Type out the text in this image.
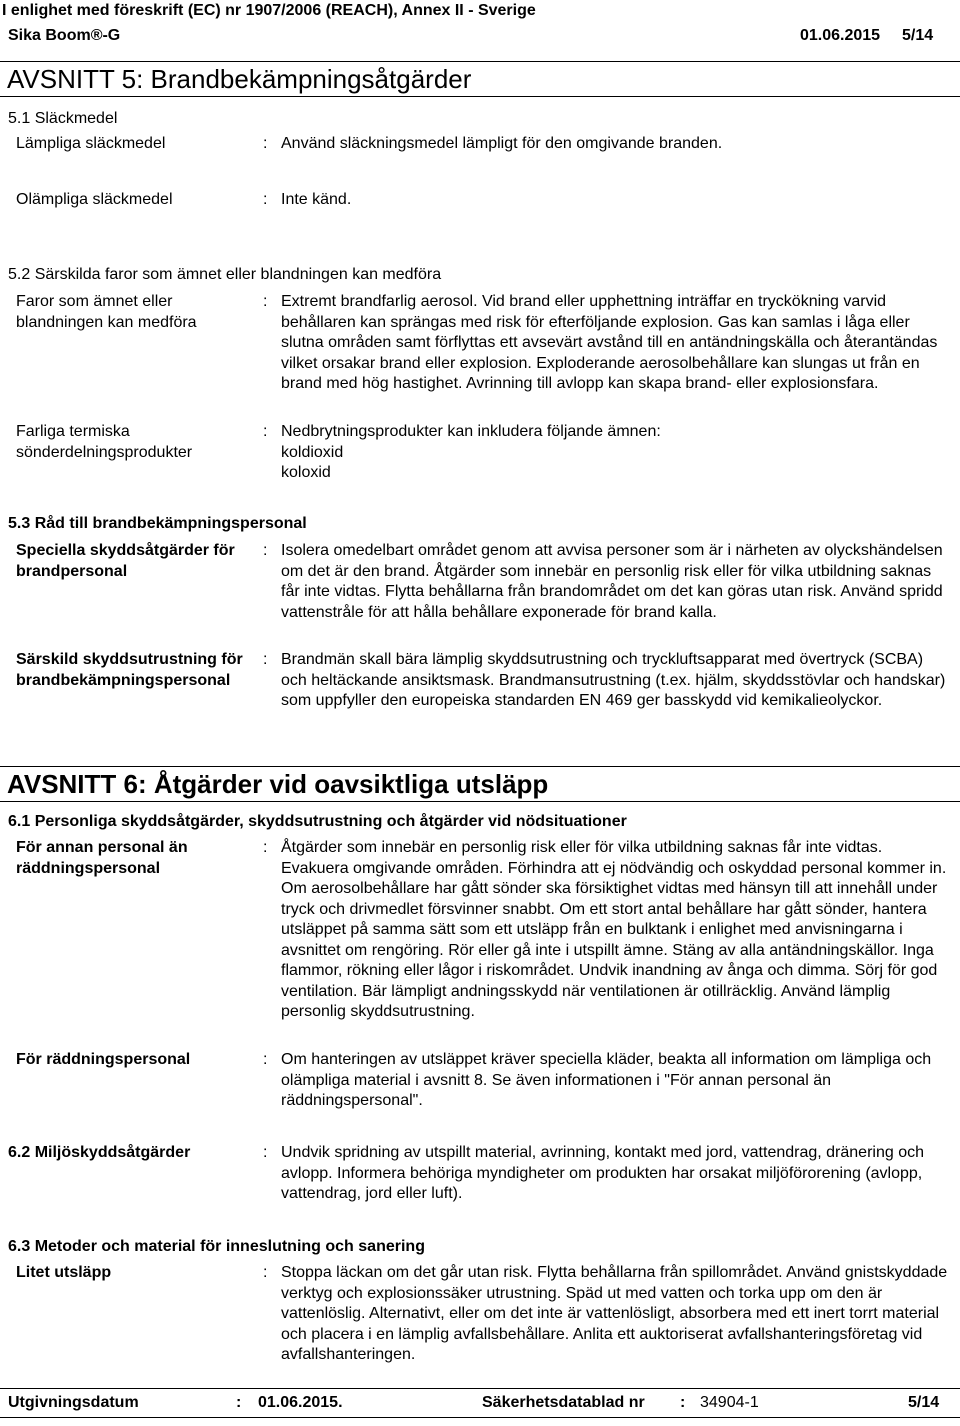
I enlighet med föreskrift (EC) nr 1907/2006 (REACH), Annex II - Sverige
Sika Boom®-G	01.06.2015 5/14
AVSNITT 5: Brandbekämpningsåtgärder
5.1 Släckmedel
Lämpliga släckmedel	: Använd släckningsmedel lämpligt för den omgivande branden.
Olämpliga släckmedel	: Inte känd.
5.2 Särskilda faror som ämnet eller blandningen kan medföra
Faror som ämnet eller blandningen kan medföra
: Extremt brandfarlig aerosol. Vid brand eller upphettning inträffar en tryckökning varvid behållaren kan sprängas med risk för efterföljande explosion. Gas kan samlas i låga eller slutna områden samt förflyttas ett avsevärt avstånd till en antändningskälla och återantändas vilket orsakar brand eller explosion. Exploderande aerosolbehållare kan slungas ut från en brand med hög hastighet. Avrinning till avlopp kan skapa brand- eller explosionsfara.
Farliga termiska sönderdelningsprodukter
: Nedbrytningsprodukter kan inkludera följande ämnen:
koldioxid
koloxid
5.3 Råd till brandbekämpningspersonal
Speciella skyddsåtgärder för brandpersonal
: Isolera omedelbart området genom att avvisa personer som är i närheten av olyckshändelsen om det är den brand. Åtgärder som innebär en personlig risk eller för vilka utbildning saknas får inte vidtas. Flytta behållarna från brandområdet om det kan göras utan risk. Använd spridd vattenstråle för att hålla behållare exponerade för brand kalla.
Särskild skyddsutrustning för brandbekämpningspersonal
: Brandmän skall bära lämplig skyddsutrustning och tryckluftsapparat med övertryck (SCBA) och heltäckande ansiktsmask. Brandmansutrustning (t.ex. hjälm, skyddsstövlar och handskar) som uppfyller den europeiska standarden EN 469 ger basskydd vid kemikalieolyckor.
AVSNITT 6: Åtgärder vid oavsiktliga utsläpp
6.1 Personliga skyddsåtgärder, skyddsutrustning och åtgärder vid nödsituationer
För annan personal än räddningspersonal
: Åtgärder som innebär en personlig risk eller för vilka utbildning saknas får inte vidtas. Evakuera omgivande områden. Förhindra att ej nödvändig och oskyddad personal kommer in. Om aerosolbehållare har gått sönder ska försiktighet vidtas med hänsyn till att innehåll under tryck och drivmedlet försvinner snabbt. Om ett stort antal behållare har gått sönder, hantera utsläppet på samma sätt som ett utsläpp från en bulktank i enlighet med anvisningarna i avsnittet om rengöring. Rör eller gå inte i utspillt ämne. Stäng av alla antändningskällor. Inga flammor, rökning eller lågor i riskområdet. Undvik inandning av ånga och dimma. Sörj för god ventilation. Bär lämpligt andningsskydd när ventilationen är otillräcklig. Använd lämplig personlig skyddsutrustning.
För räddningspersonal	: Om hanteringen av utsläppet kräver speciella kläder, beakta all information om lämpliga och olämpliga material i avsnitt 8. Se även informationen i "För annan personal än räddningspersonal".
6.2 Miljöskyddsåtgärder	: Undvik spridning av utspillt material, avrinning, kontakt med jord, vattendrag, dränering och avlopp. Informera behöriga myndigheter om produkten har orsakat miljöförorening (avlopp, vattendrag, jord eller luft).
6.3 Metoder och material för inneslutning och sanering
Litet utsläpp	: Stoppa läckan om det går utan risk. Flytta behållarna från spillområdet. Använd gnistskyddade verktyg och explosionssäker utrustning. Späd ut med vatten och torka upp om den är vattenlöslig. Alternativt, eller om det inte är vattenlösligt, absorbera med ett inert torrt material och placera i en lämplig avfallsbehållare. Anlita ett auktoriserat avfallshanteringsföretag vid avfallshanteringen.
Utgivningsdatum	: 01.06.2015.	Säkerhetsdatablad nr : 34904-1	5/14
